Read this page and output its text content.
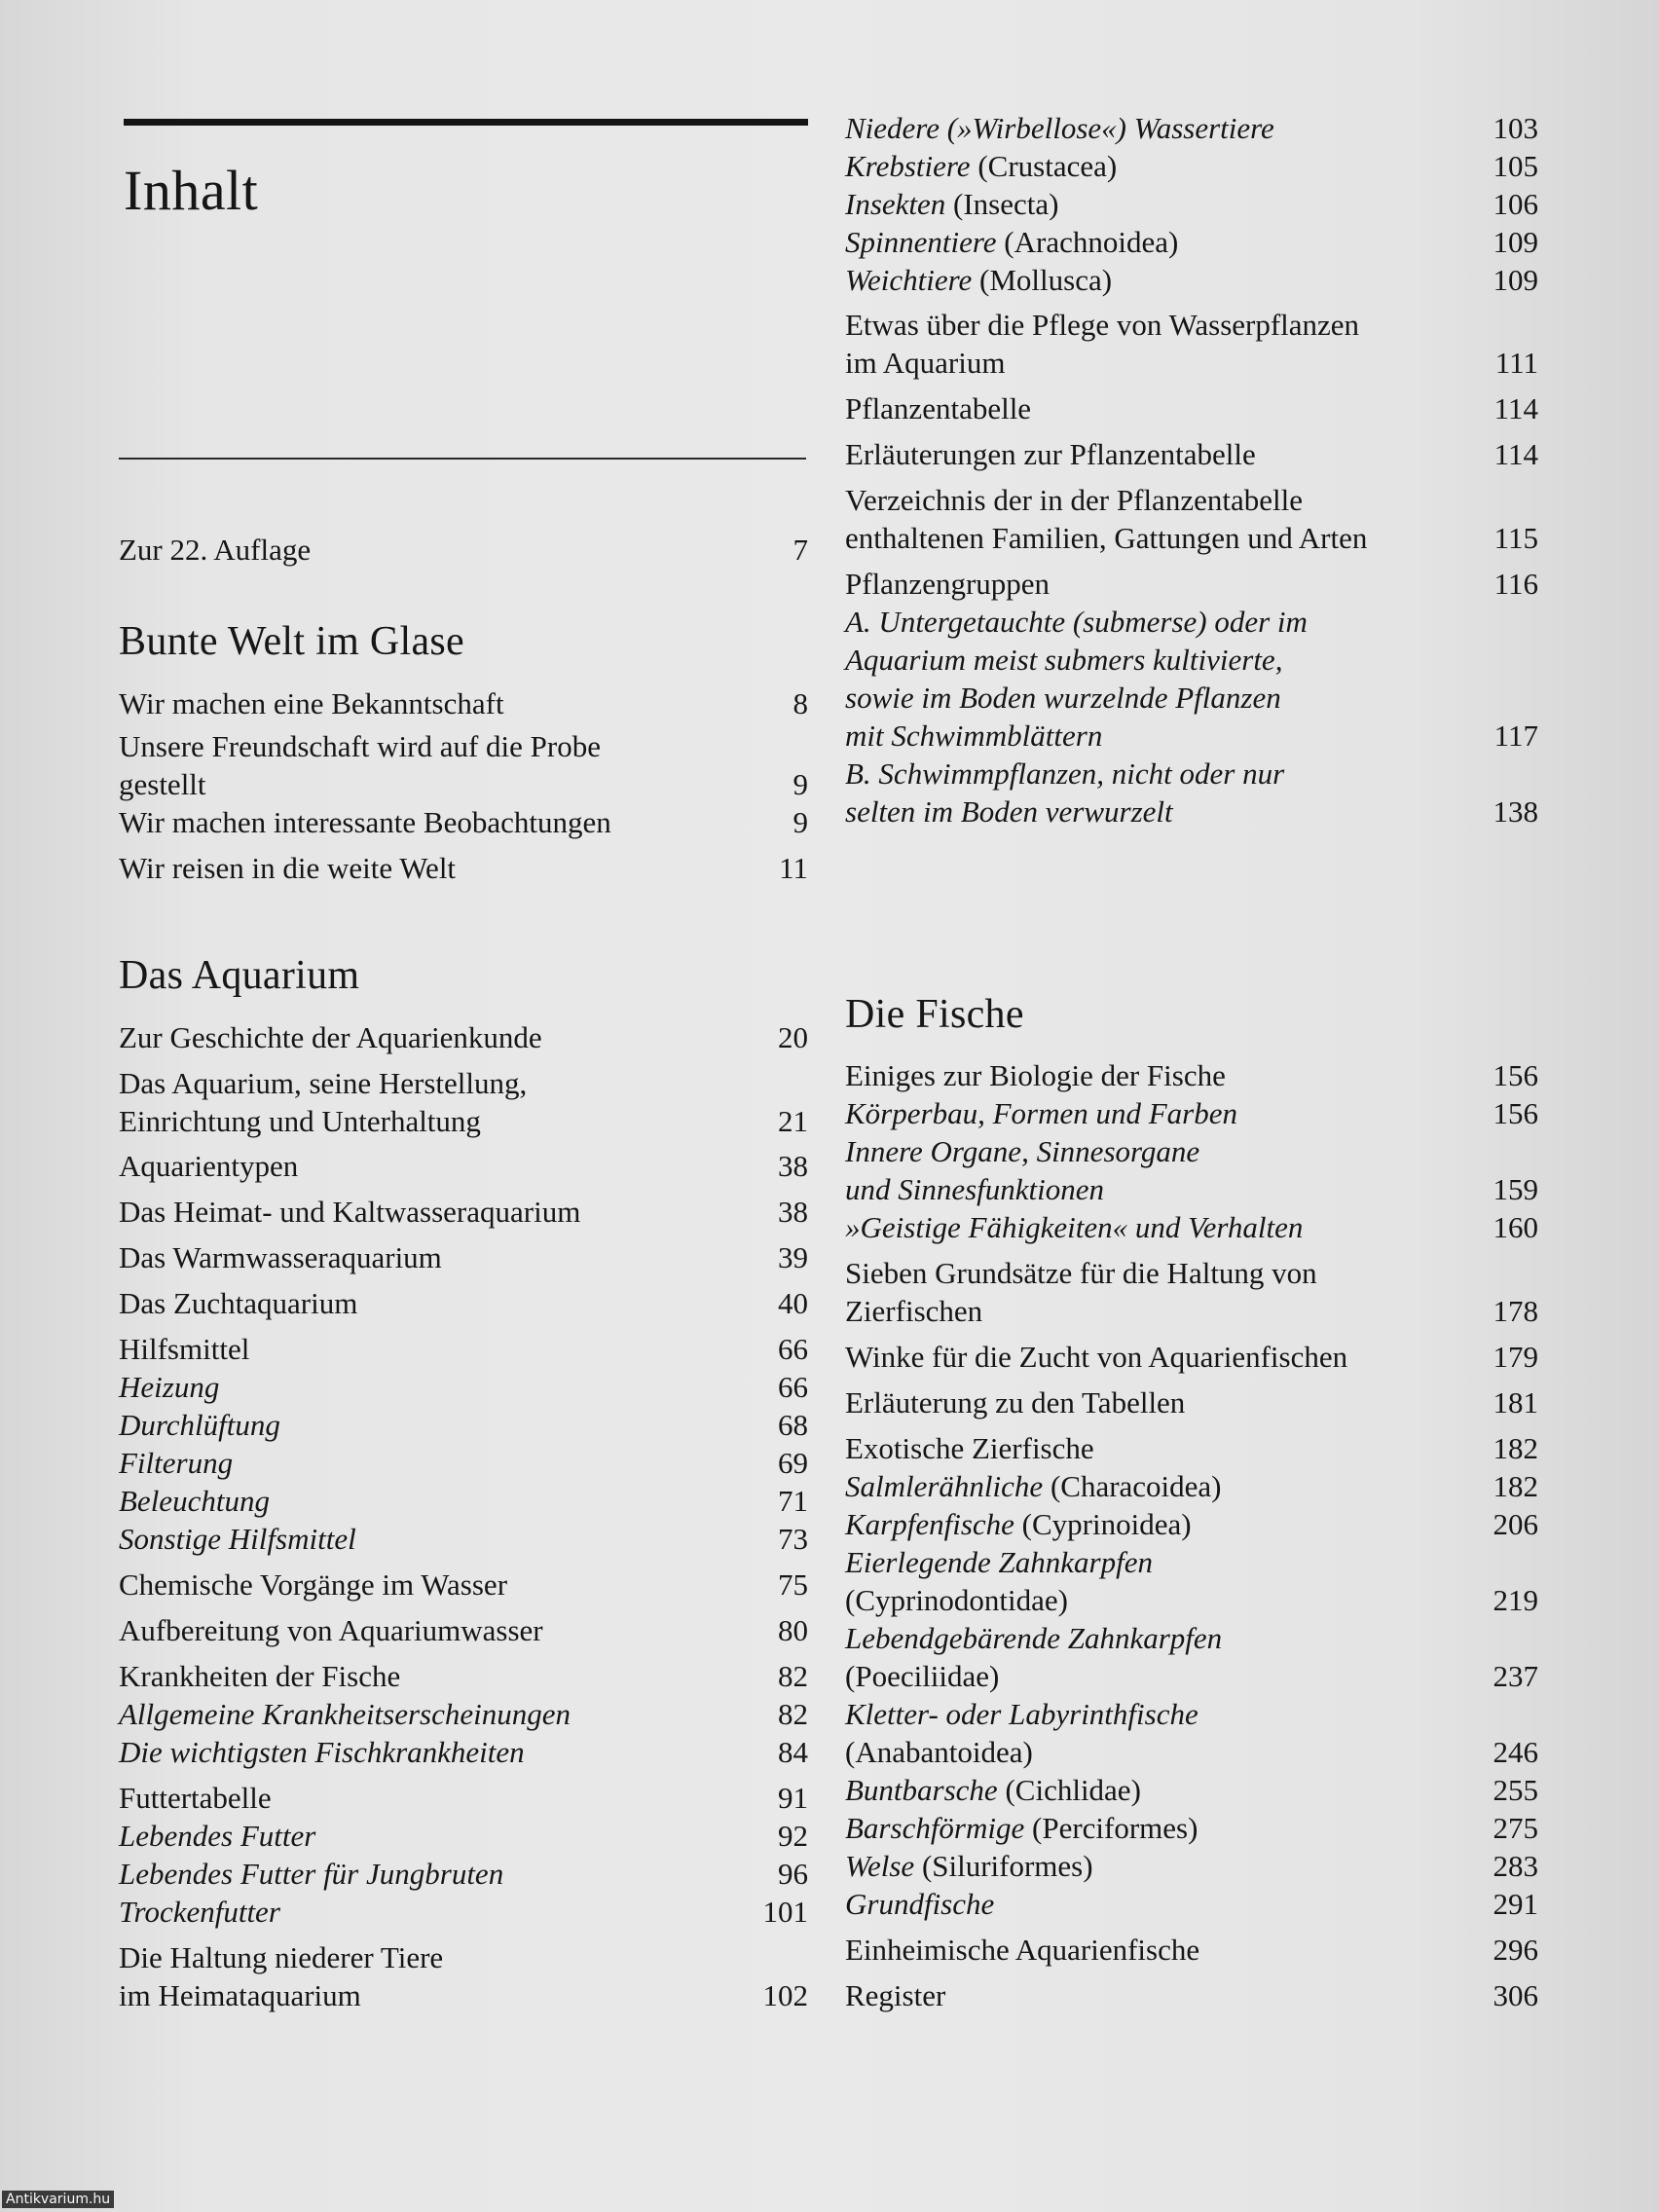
Inhalt
Zur 22. Auflage	7
Bunte Welt im Glase
Wir machen eine Bekanntschaft	8
Unsere Freundschaft wird auf die Probe
gestellt	9
Wir machen interessante Beobachtungen	9
Wir reisen in die weite Welt	11
Das Aquarium
Zur Geschichte der Aquarienkunde	20
Das Aquarium, seine Herstellung,
Einrichtung und Unterhaltung	21
Aquarientypen	38
Das Heimat- und Kaltwasseraquarium	38
Das Warmwasseraquarium	39
Das Zuchtaquarium	40
Hilfsmittel	66
Heizung	66
Durchlüftung	68
Filterung	69
Beleuchtung	71
Sonstige Hilfsmittel	73
Chemische Vorgänge im Wasser	75
Aufbereitung von Aquariumwasser	80
Krankheiten der Fische	82
Allgemeine Krankheitserscheinungen	82
Die wichtigsten Fischkrankheiten	84
Futtertabelle	91
Lebendes Futter	92
Lebendes Futter für Jungbruten	96
Trockenfutter	101
Die Haltung niederer Tiere
im Heimataquarium	102
Niedere (»Wirbellose«) Wassertiere	103
Krebstiere (Crustacea)	105
Insekten (Insecta)	106
Spinnentiere (Arachnoidea)	109
Weichtiere (Mollusca)	109
Etwas über die Pflege von Wasserpflanzen
im Aquarium	111
Pflanzentabelle	114
Erläuterungen zur Pflanzentabelle	114
Verzeichnis der in der Pflanzentabelle
enthaltenen Familien, Gattungen und Arten	115
Pflanzengruppen	116
A. Untergetauchte (submerse) oder im
Aquarium meist submers kultivierte,
sowie im Boden wurzelnde Pflanzen
mit Schwimmblättern	117
B. Schwimmpflanzen, nicht oder nur
selten im Boden verwurzelt	138
Die Fische
Einiges zur Biologie der Fische	156
Körperbau, Formen und Farben	156
Innere Organe, Sinnesorgane
und Sinnesfunktionen	159
»Geistige Fähigkeiten« und Verhalten	160
Sieben Grundsätze für die Haltung von
Zierfischen	178
Winke für die Zucht von Aquarienfischen	179
Erläuterung zu den Tabellen	181
Exotische Zierfische	182
Salmlerähnliche (Characoidea)	182
Karpfenfische (Cyprinoidea)	206
Eierlegende Zahnkarpfen
(Cyprinodontidae)	219
Lebendgebärende Zahnkarpfen
(Poeciliidae)	237
Kletter- oder Labyrinthfische
(Anabantoidea)	246
Buntbarsche (Cichlidae)	255
Barschförmige (Perciformes)	275
Welse (Siluriformes)	283
Grundfische	291
Einheimische Aquarienfische	296
Register	306
Antikvarium.hu
